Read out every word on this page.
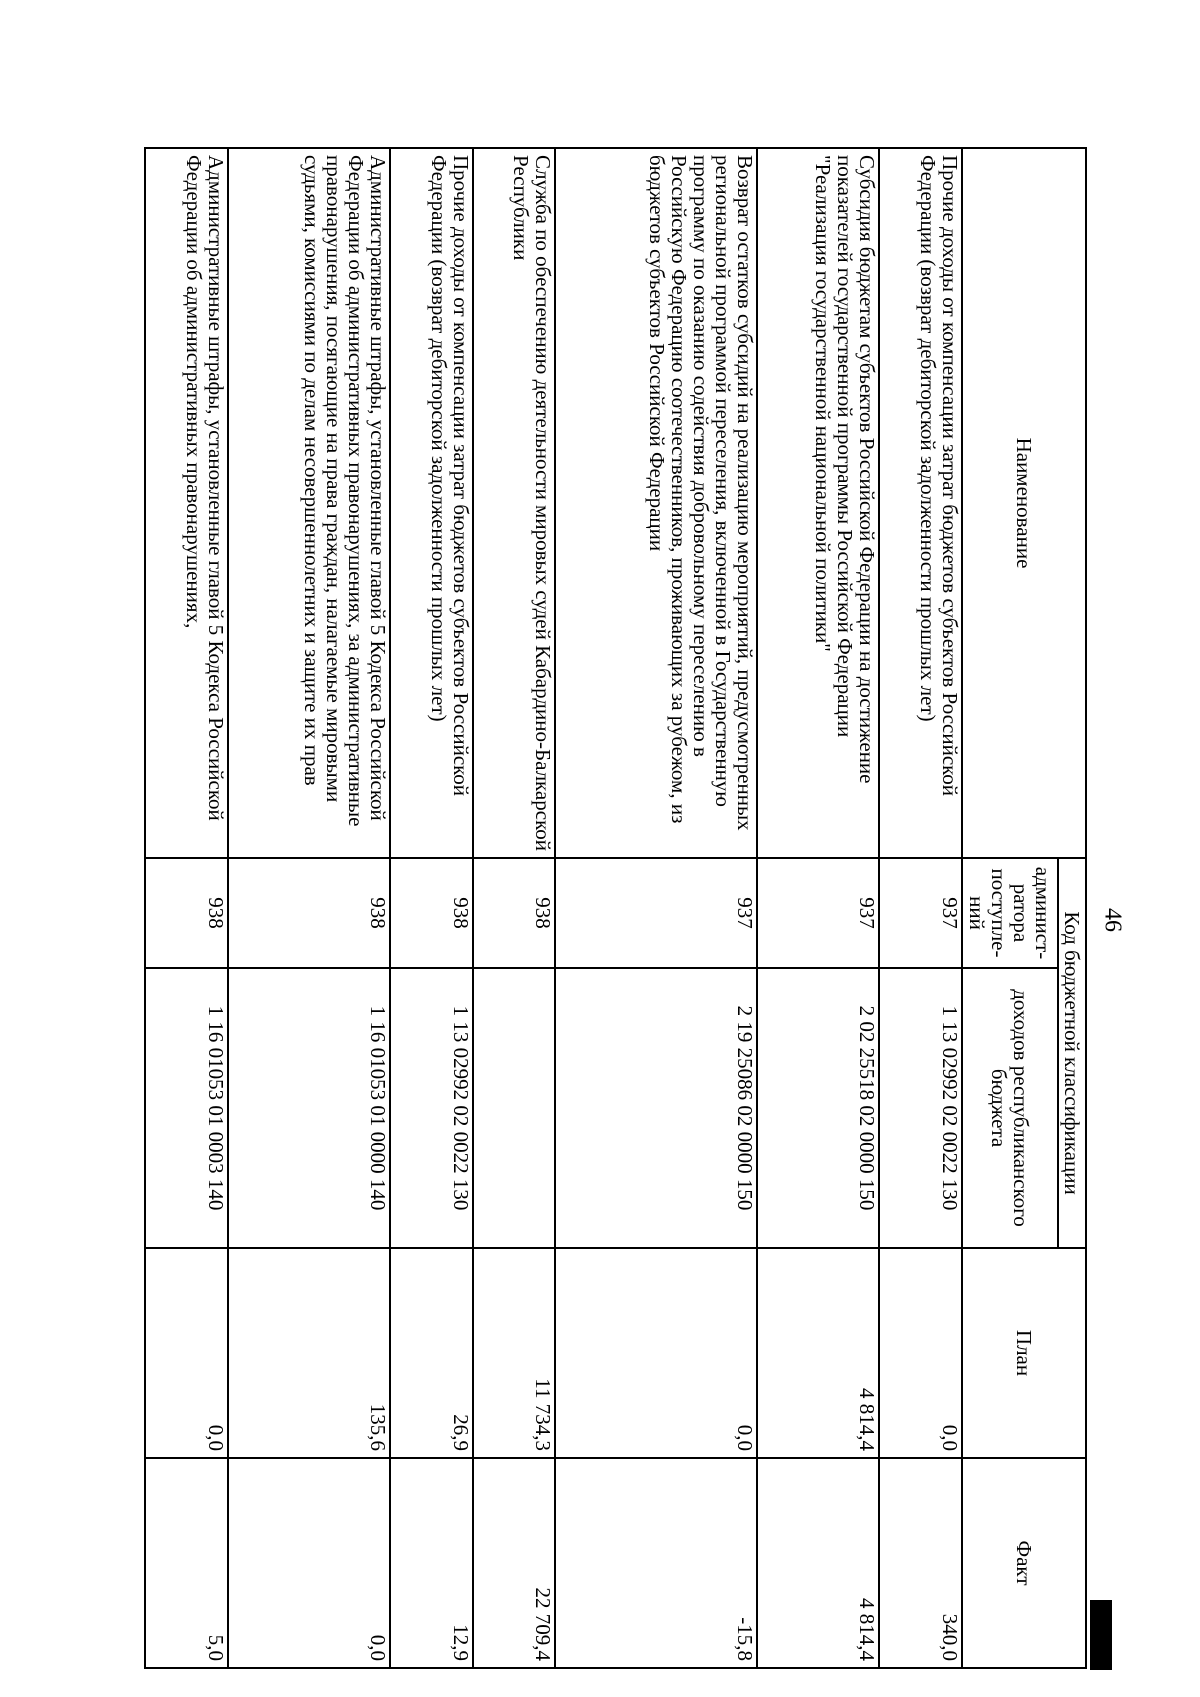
46
Наименование	Код бюджетной классификации		План	Факт
	админист-ратора поступле-ний	доходов республиканского бюджета		
Прочие доходы от компенсации затрат бюджетов субъектов Российской Федерации (возврат дебиторской задолженности прошлых лет)	937	1 13 02992 02 0022 130	0,0	340,0
Субсидия бюджетам субъектов Российской Федерации на достижение показателей государственной программы Российской Федерации "Реализация государственной национальной политики"	937	2 02 25518 02 0000 150	4 814,4	4 814,4
Возврат остатков субсидий на реализацию мероприятий, предусмотренных региональной программой переселения, включенной в Государственную программу по оказанию содействия добровольному переселению в Российскую Федерацию соотечественников, проживающих за рубежом, из бюджетов субъектов Российской Федерации	937	2 19 25086 02 0000 150	0,0	-15,8
Служба по обеспечению деятельности мировых судей Кабардино-Балкарской Республики	938		11 734,3	22 709,4
Прочие доходы от компенсации затрат бюджетов субъектов Российской Федерации (возврат дебиторской задолженности прошлых лет)	938	1 13 02992 02 0022 130	26,9	12,9
Административные штрафы, установленные главой 5 Кодекса Российской Федерации об административных правонарушениях, за административные правонарушения, посягающие на права граждан, налагаемые мировыми судьями, комиссиями по делам несовершеннолетних и защите их прав	938	1 16 01053 01 0000 140	135,6	0,0
Административные штрафы, установленные главой 5 Кодекса Российской Федерации об административных правонарушениях,	938	1 16 01053 01 0003 140	0,0	5,0
